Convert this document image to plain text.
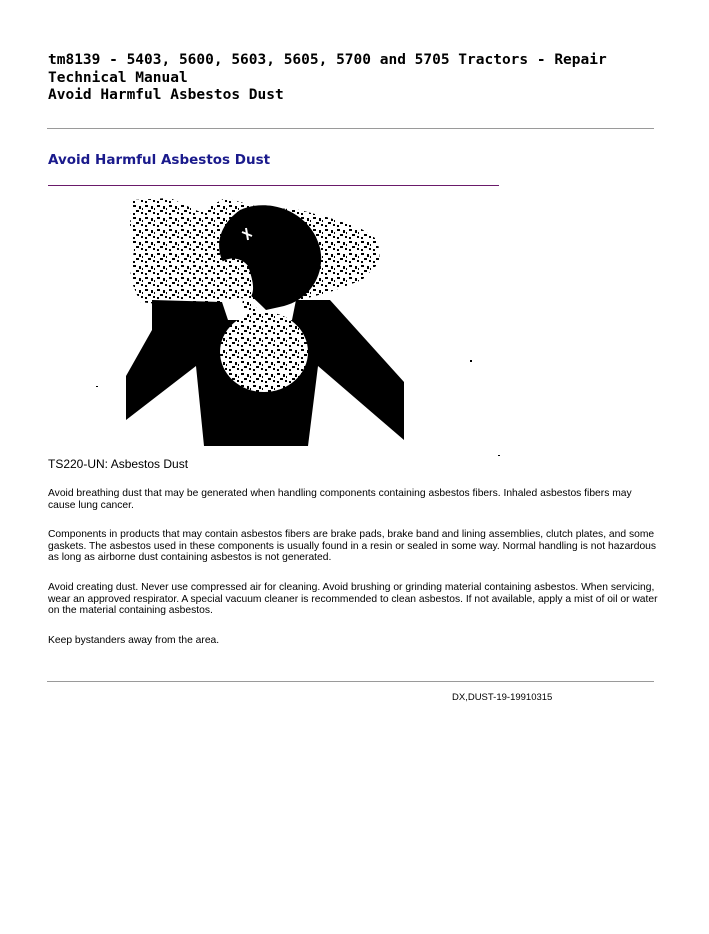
tm8139 - 5403, 5600, 5603, 5605, 5700 and 5705 Tractors - Repair
Technical Manual
Avoid Harmful Asbestos Dust
Avoid Harmful Asbestos Dust
TS220-UN: Asbestos Dust

Avoid breathing dust that may be generated when handling components containing asbestos fibers. Inhaled asbestos fibers may cause lung cancer.

Components in products that may contain asbestos fibers are brake pads, brake band and lining assemblies, clutch plates, and some gaskets. The asbestos used in these components is usually found in a resin or sealed in some way. Normal handling is not hazardous as long as airborne dust containing asbestos is not generated.

Avoid creating dust. Never use compressed air for cleaning. Avoid brushing or grinding material containing asbestos. When servicing, wear an approved respirator. A special vacuum cleaner is recommended to clean asbestos. If not available, apply a mist of oil or water on the material containing asbestos.

Keep bystanders away from the area.

DX,DUST-19-19910315
